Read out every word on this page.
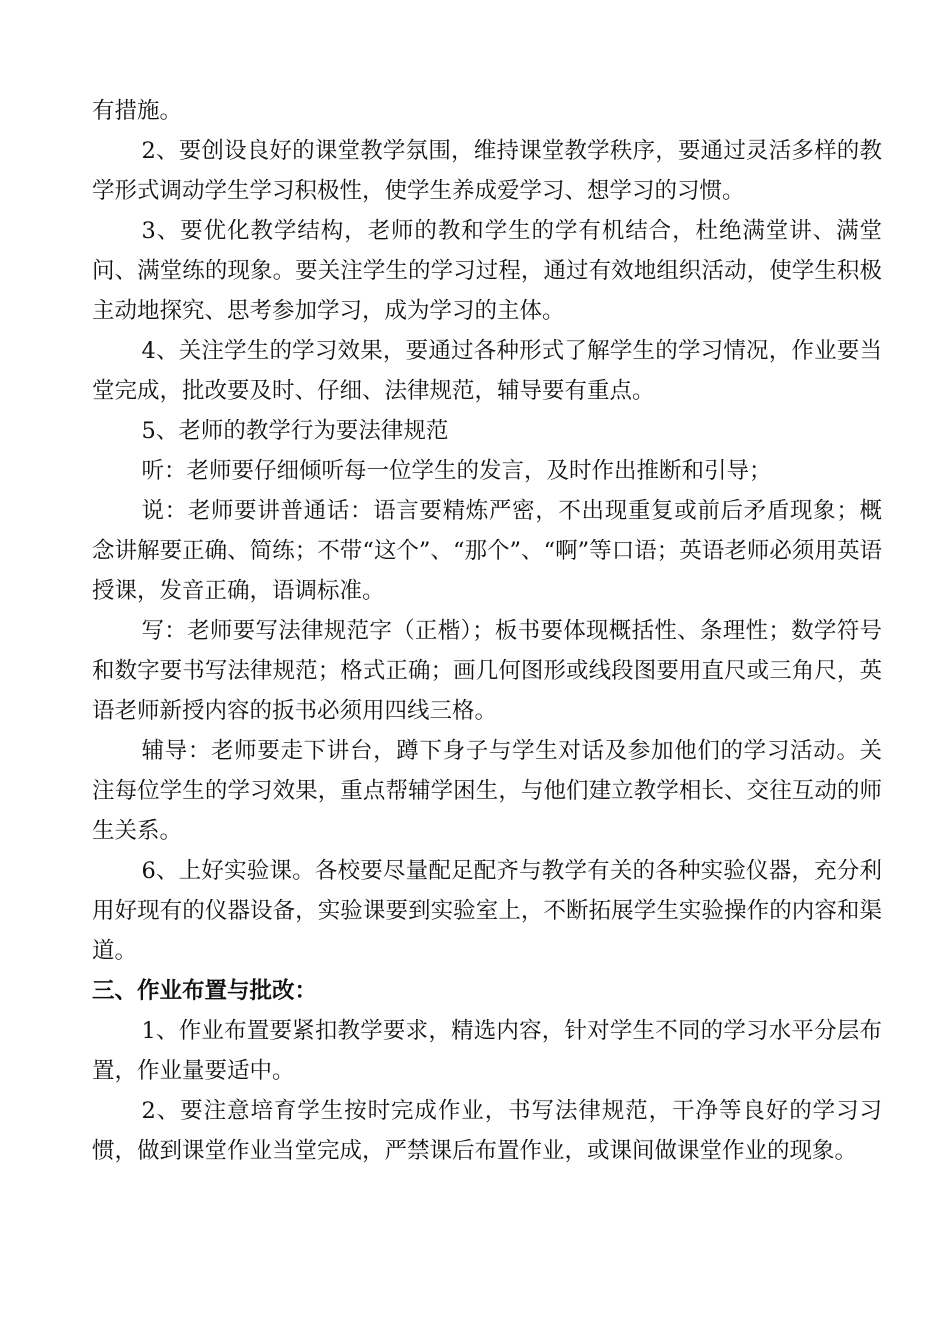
有措施。

2、要创设良好的课堂教学氛围，维持课堂教学秩序，要通过灵活多样的教学形式调动学生学习积极性，使学生养成爱学习、想学习的习惯。

3、要优化教学结构，老师的教和学生的学有机结合，杜绝满堂讲、满堂问、满堂练的现象。要关注学生的学习过程，通过有效地组织活动，使学生积极主动地探究、思考参加学习，成为学习的主体。

4、关注学生的学习效果，要通过各种形式了解学生的学习情况，作业要当堂完成，批改要及时、仔细、法律规范，辅导要有重点。

5、老师的教学行为要法律规范

听：老师要仔细倾听每一位学生的发言，及时作出推断和引导；

说：老师要讲普通话：语言要精炼严密，不出现重复或前后矛盾现象；概念讲解要正确、简练；不带“这个”、“那个”、“啊”等口语；英语老师必须用英语授课，发音正确，语调标准。

写：老师要写法律规范字（正楷）；板书要体现概括性、条理性；数学符号和数字要书写法律规范；格式正确；画几何图形或线段图要用直尺或三角尺，英语老师新授内容的扳书必须用四线三格。

辅导：老师要走下讲台，蹲下身子与学生对话及参加他们的学习活动。关注每位学生的学习效果，重点帮辅学困生，与他们建立教学相长、交往互动的师生关系。

6、上好实验课。各校要尽量配足配齐与教学有关的各种实验仪器，充分利用好现有的仪器设备，实验课要到实验室上，不断拓展学生实验操作的内容和渠道。

三、作业布置与批改：

1、作业布置要紧扣教学要求，精选内容，针对学生不同的学习水平分层布置，作业量要适中。

2、要注意培育学生按时完成作业，书写法律规范，干净等良好的学习习惯，做到课堂作业当堂完成，严禁课后布置作业，或课间做课堂作业的现象。
